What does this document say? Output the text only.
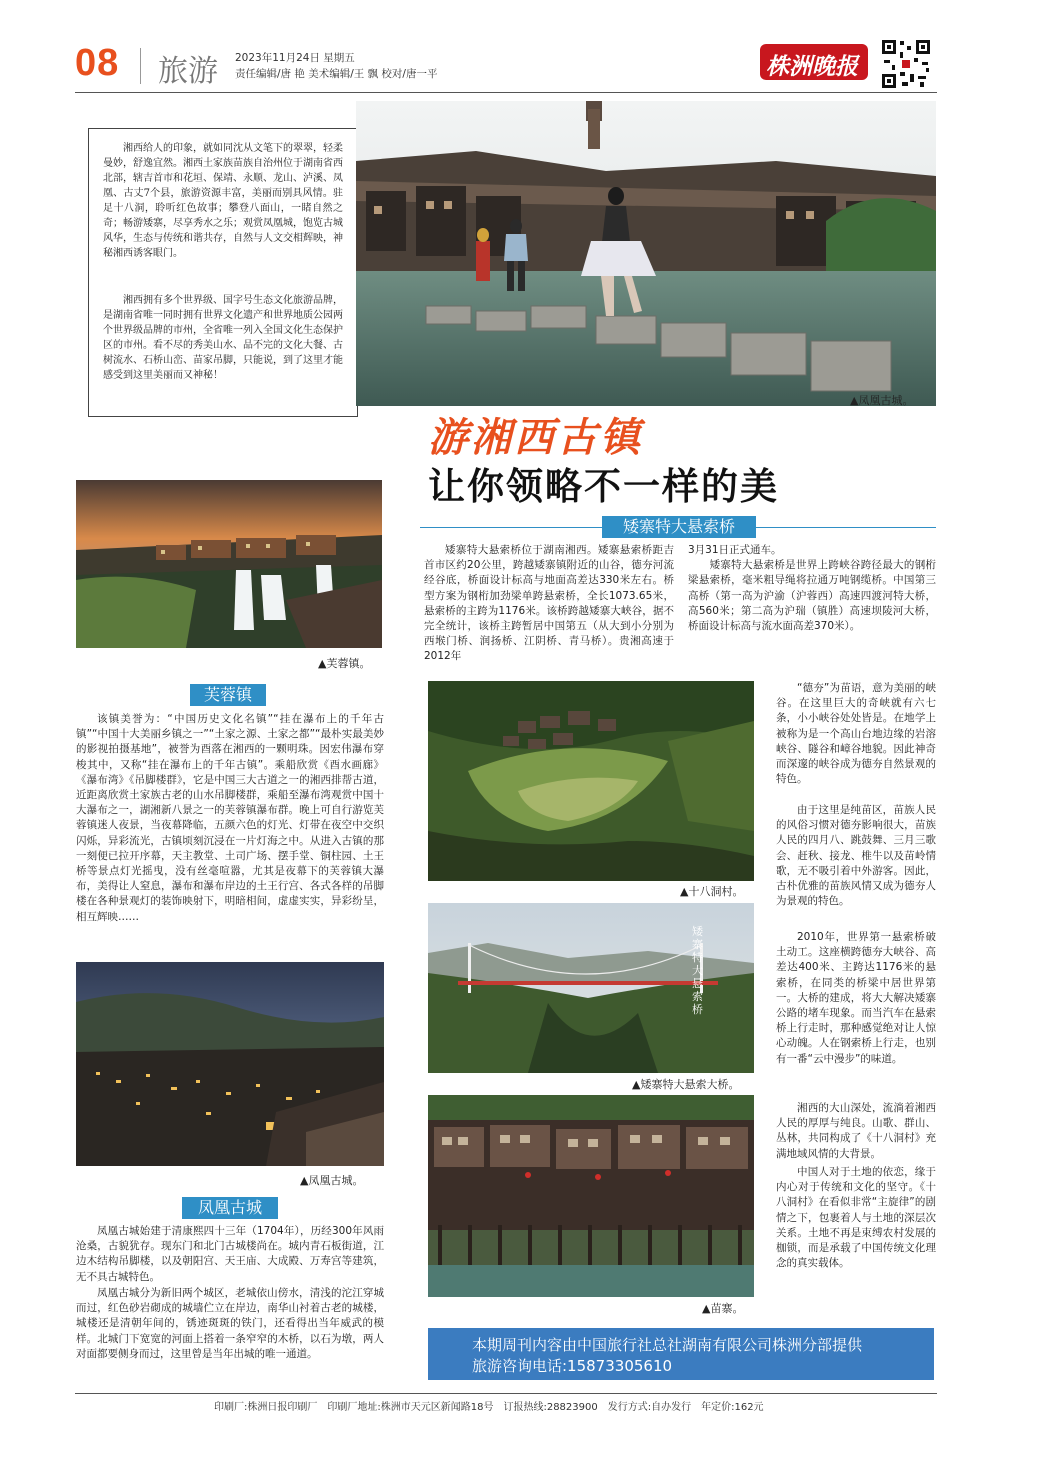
08 旅游 2023年11月24日 星期五
责任编辑/唐 艳 美术编辑/王 飘 校对/唐一平	株洲晚报
湘西给人的印象，就如同沈从文笔下的翠翠，轻柔曼妙，舒逸宜然。湘西土家族苗族自治州位于湖南省西北部，辖吉首市和花垣、保靖、永顺、龙山、泸溪、凤凰、古丈7个县，旅游资源丰富，美丽而别具风情。驻足十八洞，聆听红色故事；攀登八面山，一睹自然之奇；畅游矮寨，尽享秀水之乐；观赏凤凰城，饱览古城风华，生态与传统和谐共存，自然与人文交相辉映，神秘湘西诱客眼门。
湘西拥有多个世界级、国字号生态文化旅游品牌，是湖南省唯一同时拥有世界文化遗产和世界地质公园两个世界级品牌的市州，全省唯一列入全国文化生态保护区的市州。看不尽的秀美山水、品不完的文化大餐、古树流水、石桥山峦、苗家吊脚，只能说，到了这里才能感受到这里美丽而又神秘！
▲凤凰古城。
游湘西古镇
让你领略不一样的美
▲芙蓉镇。
矮寨特大悬索桥
矮寨特大悬索桥位于湖南湘西。矮寨悬索桥距吉首市区约20公里，跨越矮寨镇附近的山谷，德夯河流经谷底，桥面设计标高与地面高差达330米左右。桥型方案为钢桁加劲梁单跨悬索桥，全长1073.65米，悬索桥的主跨为1176米。该桥跨越矮寨大峡谷，据不完全统计，该桥主跨暂居中国第五（从大到小分别为西堠门桥、润扬桥、江阴桥、青马桥）。贵湘高速于2012年
3月31日正式通车。
　　矮寨特大悬索桥是世界上跨峡谷跨径最大的钢桁梁悬索桥，毫米粗导绳将拉通万吨钢缆桥。中国第三高桥（第一高为沪渝（沪蓉西）高速四渡河特大桥，高560米；第二高为沪瑞（镇胜）高速坝陵河大桥，桥面设计标高与流水面高差370米）。
芙蓉镇
该镇美誉为：“中国历史文化名镇”“挂在瀑布上的千年古镇”“中国十大美丽乡镇之一”“土家之源、土家之都”“最朴实最美妙的影视拍摄基地”，被誉为酉落在湘西的一颗明珠。因宏伟瀑布穿梭其中，又称“挂在瀑布上的千年古镇”。乘船欣赏《酉水画廊》《瀑布湾》《吊脚楼群》，它是中国三大古道之一的湘西排帮古道，近距离欣赏土家族古老的山水吊脚楼群，乘船至瀑布湾观赏中国十大瀑布之一，湖湘新八景之一的芙蓉镇瀑布群。晚上可自行游览芙蓉镇迷人夜景，当夜幕降临，五颜六色的灯光、灯带在夜空中交织闪烁，异彩流光，古镇顷刻沉浸在一片灯海之中。从进入古镇的那一刻便已拉开序幕，天主教堂、土司广场、摆手堂、铜柱园、土王桥等景点灯光摇曳，没有丝毫喧嚣，尤其是夜幕下的芙蓉镇大瀑布，美得让人窒息，瀑布和瀑布岸边的土王行宫、各式各样的吊脚楼在各种景观灯的装饰映射下，明暗相间，虚虚实实，异彩纷呈，相互辉映……
▲十八洞村。
“德夯”为苗语，意为美丽的峡谷。在这里巨大的奇峡就有六七条，小小峡谷处处皆是。在地学上被称为是一个高山台地边缘的岩溶峡谷、隧谷和嶂谷地貌。因此神奇而深邃的峡谷成为德夯自然景观的特色。
由于这里是纯苗区，苗族人民的风俗习惯对德夯影响很大，苗族人民的四月八、跳鼓舞、三月三歌会、赶秋、接龙、椎牛以及苗岭情歌，无不吸引着中外游客。因此，古朴优雅的苗族风情又成为德夯人为景观的特色。
2010年，世界第一悬索桥破土动工。这座横跨德夯大峡谷、高差达400米、主跨达1176米的悬索桥，在同类的桥梁中居世界第一。大桥的建成，将大大解决矮寨公路的堵车现象。而当汽车在悬索桥上行走时，那种感觉绝对让人惊心动魄。人在钢索桥上行走，也别有一番“云中漫步”的味道。
湘西的大山深处，流淌着湘西人民的厚厚与纯良。山歌、群山、丛林，共同构成了《十八洞村》充满地域风情的大背景。
中国人对于土地的依恋，缘于内心对于传统和文化的坚守。《十八洞村》在看似非常“主旋律”的剧情之下，包裹着人与土地的深层次关系。土地不再是束缚农村发展的枷锁，而是承载了中国传统文化理念的真实载体。
▲凤凰古城。
凤凰古城
凤凰古城始建于清康熙四十三年（1704年），历经300年风雨沧桑，古貌犹存。现东门和北门古城楼尚在。城内青石板街道，江边木结构吊脚楼，以及朝阳宫、天王庙、大成殿、万寿宫等建筑，无不具古城特色。
凤凰古城分为新旧两个城区，老城依山傍水，清浅的沱江穿城而过，红色砂岩砌成的城墙伫立在岸边，南华山衬着古老的城楼，城楼还是清朝年间的，锈迹斑斑的铁门，还看得出当年威武的模样。北城门下宽宽的河面上搭着一条窄窄的木桥，以石为墩，两人对面都要侧身而过，这里曾是当年出城的唯一通道。
矮寨特大悬索桥
▲矮寨特大悬索大桥。
▲苗寨。
本期周刊内容由中国旅行社总社湖南有限公司株洲分部提供
旅游咨询电话:15873305610
印刷厂:株洲日报印刷厂　印刷厂地址:株洲市天元区新闻路18号　订报热线:28823900　发行方式:自办发行　年定价:162元
